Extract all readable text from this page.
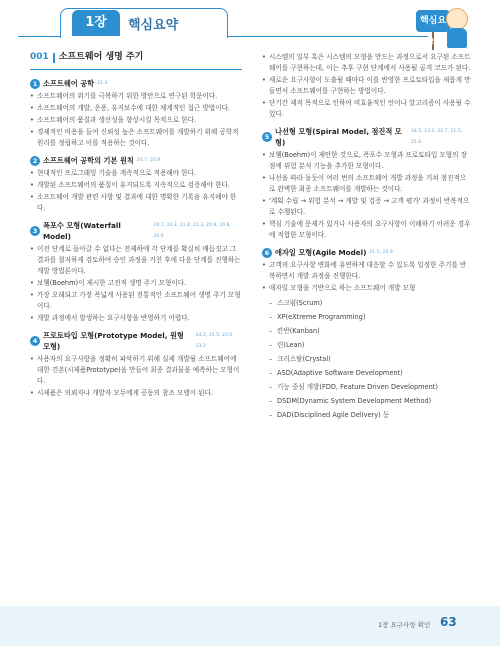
1장	핵심요약	핵심요약
001 소프트웨어 생명 주기
1 소프트웨어 공학 21.3
• 소프트웨어의 위기를 극복하기 위한 방안으로 연구된 학문이다.
• 소프트웨어의 개발, 운용, 유지보수에 대한 체계적인 접근 방법이다.
• 소프트웨어의 품질과 생산성을 향상시킬 목적으로 한다.
• 경제적인 비용을 들여 신뢰성 높은 소프트웨어를 개발하기 위해 공학적 원리를 정립하고 이를 적용하는 것이다.
2 소프트웨어 공학의 기본 원칙 24.7, 20.8
• 현대적인 프로그래밍 기술을 계속적으로 적용해야 한다.
• 개발된 소프트웨어의 품질이 유지되도록 지속적으로 검증해야 한다.
• 소프트웨어 개발 관련 사항 및 결과에 대한 명확한 기록을 유지해야 한다.
3
폭포수 모형(Waterfall Model)
24.7, 24.2, 21.8, 21.3, 20.9, 20.8, 20.6
• 이전 단계로 돌아갈 수 없다는 전제하에 각 단계를 확실히 매듭짓고 그 결과를 철저하게 검토하여 승인 과정을 거친 후에 다음 단계를 진행하는 개발 방법론이다.
• 보헴(Boehm)이 제시한 고전적 생명 주기 모형이다.
• 가장 오래되고 가장 폭넓게 사용된 전통적인 소프트웨어 생명 주기 모형이다.
• 개발 과정에서 발생하는 요구사항을 반영하기 어렵다.
4
프로토타입 모형(Prototype Model, 원형 모형)
24.2, 24.5, 23.5, 23.2
• 사용자의 요구사항을 정확히 파악하기 위해 실제 개발될 소프트웨어에 대한 견본(시제품Prototype)을 만들어 최종 결과물을 예측하는 모형이다.
• 시제품은 의뢰자나 개발자 모두에게 공동의 참조 모델이 된다.
• 시스템의 일부 혹은 시스템의 모형을 만드는 과정으로서 요구된 소프트웨어를 구현하는데, 이는 추후 구현 단계에서 사용될 골격 코드가 된다.
• 새로운 요구사항이 도출될 때마다 이를 반영한 프로토타입을 새롭게 만들면서 소프트웨어를 구현하는 방법이다.
• 단기간 제작 목적으로 인하여 비효율적인 언어나 알고리즘이 사용될 수 있다.
5
나선형 모형(Spiral Model, 점진적 모형)
24.5, 23.2, 22.7, 21.5, 21.6
• 보헴(Boehm)이 제안한 것으로, 폭포수 모형과 프로토타입 모형의 장점에 위험 분석 기능을 추가한 모형이다.
• 나선을 따라 돌듯이 여러 번의 소프트웨어 개발 과정을 거쳐 점진적으로 완벽한 최종 소프트웨어를 개발하는 것이다.
• '계획 수립 → 위험 분석 → 개발 및 검증 → 고객 평가' 과정이 반복적으로 수행된다.
• 핵심 기술에 문제가 있거나 사용자의 요구사항이 이해하기 어려운 경우에 적합한 모형이다.
6 애자일 모형(Agile Model) 21.5, 20.9
• 고객의 요구사항 변화에 유연하게 대응할 수 있도록 일정한 주기를 반복하면서 개발 과정을 진행한다.
• 애자일 모형을 기반으로 하는 소프트웨어 개발 모형
– 스크럼(Scrum)
– XP(eXtreme Programming)
– 칸반(Kanban)
– 린(Lean)
– 크리스탈(Crystal)
– ASD(Adaptive Software Development)
– 기능 중심 개발(FDD, Feature Driven Development)
– DSDM(Dynamic System Development Method)
– DAD(Disciplined Agile Delivery) 등
1장 요구사항 확인 63
